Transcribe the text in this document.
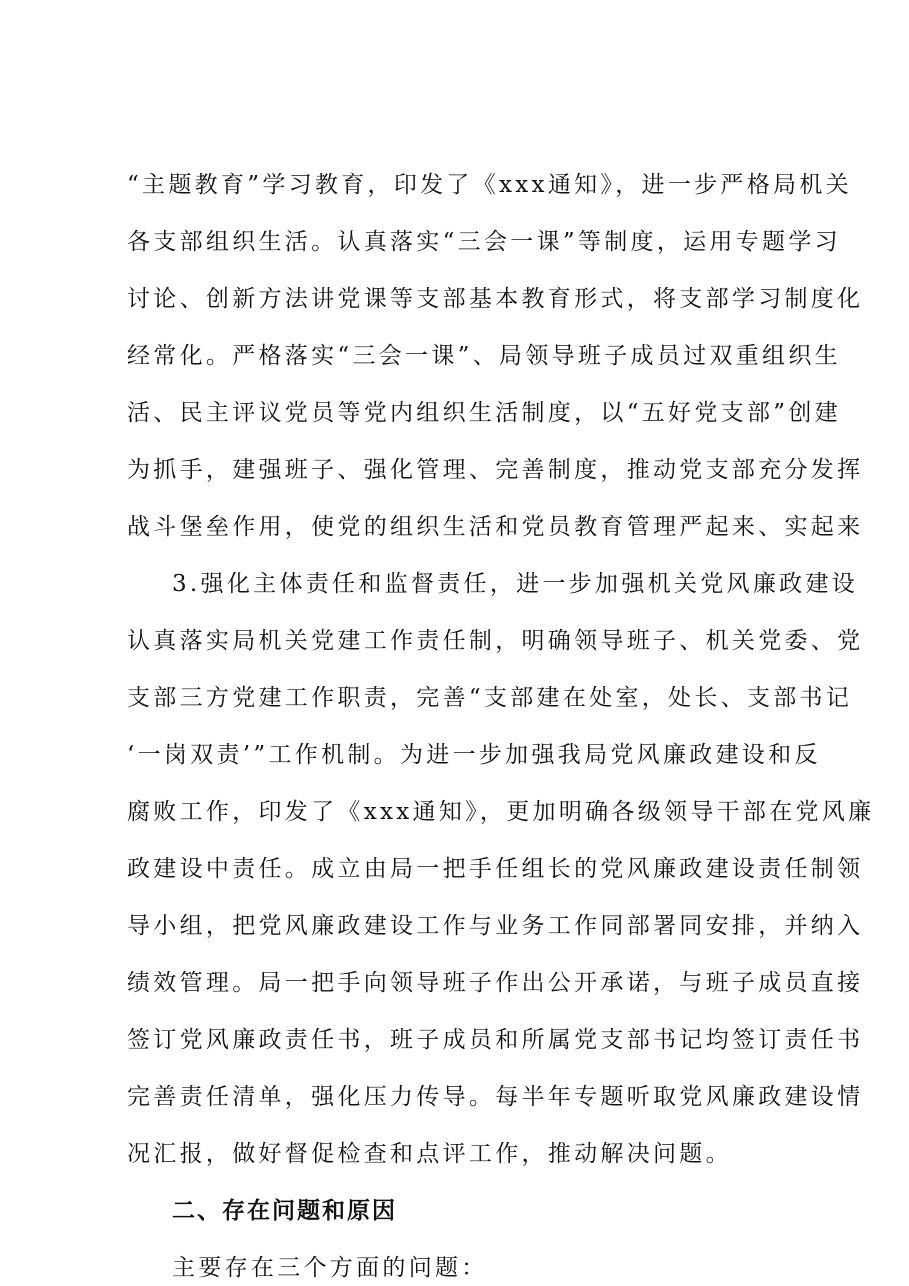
“主题教育”学习教育，印发了《xxx通知》，进一步严格局机关
各支部组织生活。认真落实“三会一课”等制度，运用专题学习
讨论、创新方法讲党课等支部基本教育形式，将支部学习制度化
经常化。严格落实“三会一课”、局领导班子成员过双重组织生
活、民主评议党员等党内组织生活制度，以“五好党支部”创建
为抓手，建强班子、强化管理、完善制度，推动党支部充分发挥
战斗堡垒作用，使党的组织生活和党员教育管理严起来、实起来
3.强化主体责任和监督责任，进一步加强机关党风廉政建设
认真落实局机关党建工作责任制，明确领导班子、机关党委、党
支部三方党建工作职责，完善“支部建在处室，处长、支部书记
‘一岗双责’”工作机制。为进一步加强我局党风廉政建设和反
腐败工作，印发了《xxx通知》，更加明确各级领导干部在党风廉
政建设中责任。成立由局一把手任组长的党风廉政建设责任制领
导小组，把党风廉政建设工作与业务工作同部署同安排，并纳入
绩效管理。局一把手向领导班子作出公开承诺，与班子成员直接
签订党风廉政责任书，班子成员和所属党支部书记均签订责任书
完善责任清单，强化压力传导。每半年专题听取党风廉政建设情
况汇报，做好督促检查和点评工作，推动解决问题。
二、存在问题和原因
主要存在三个方面的问题：
